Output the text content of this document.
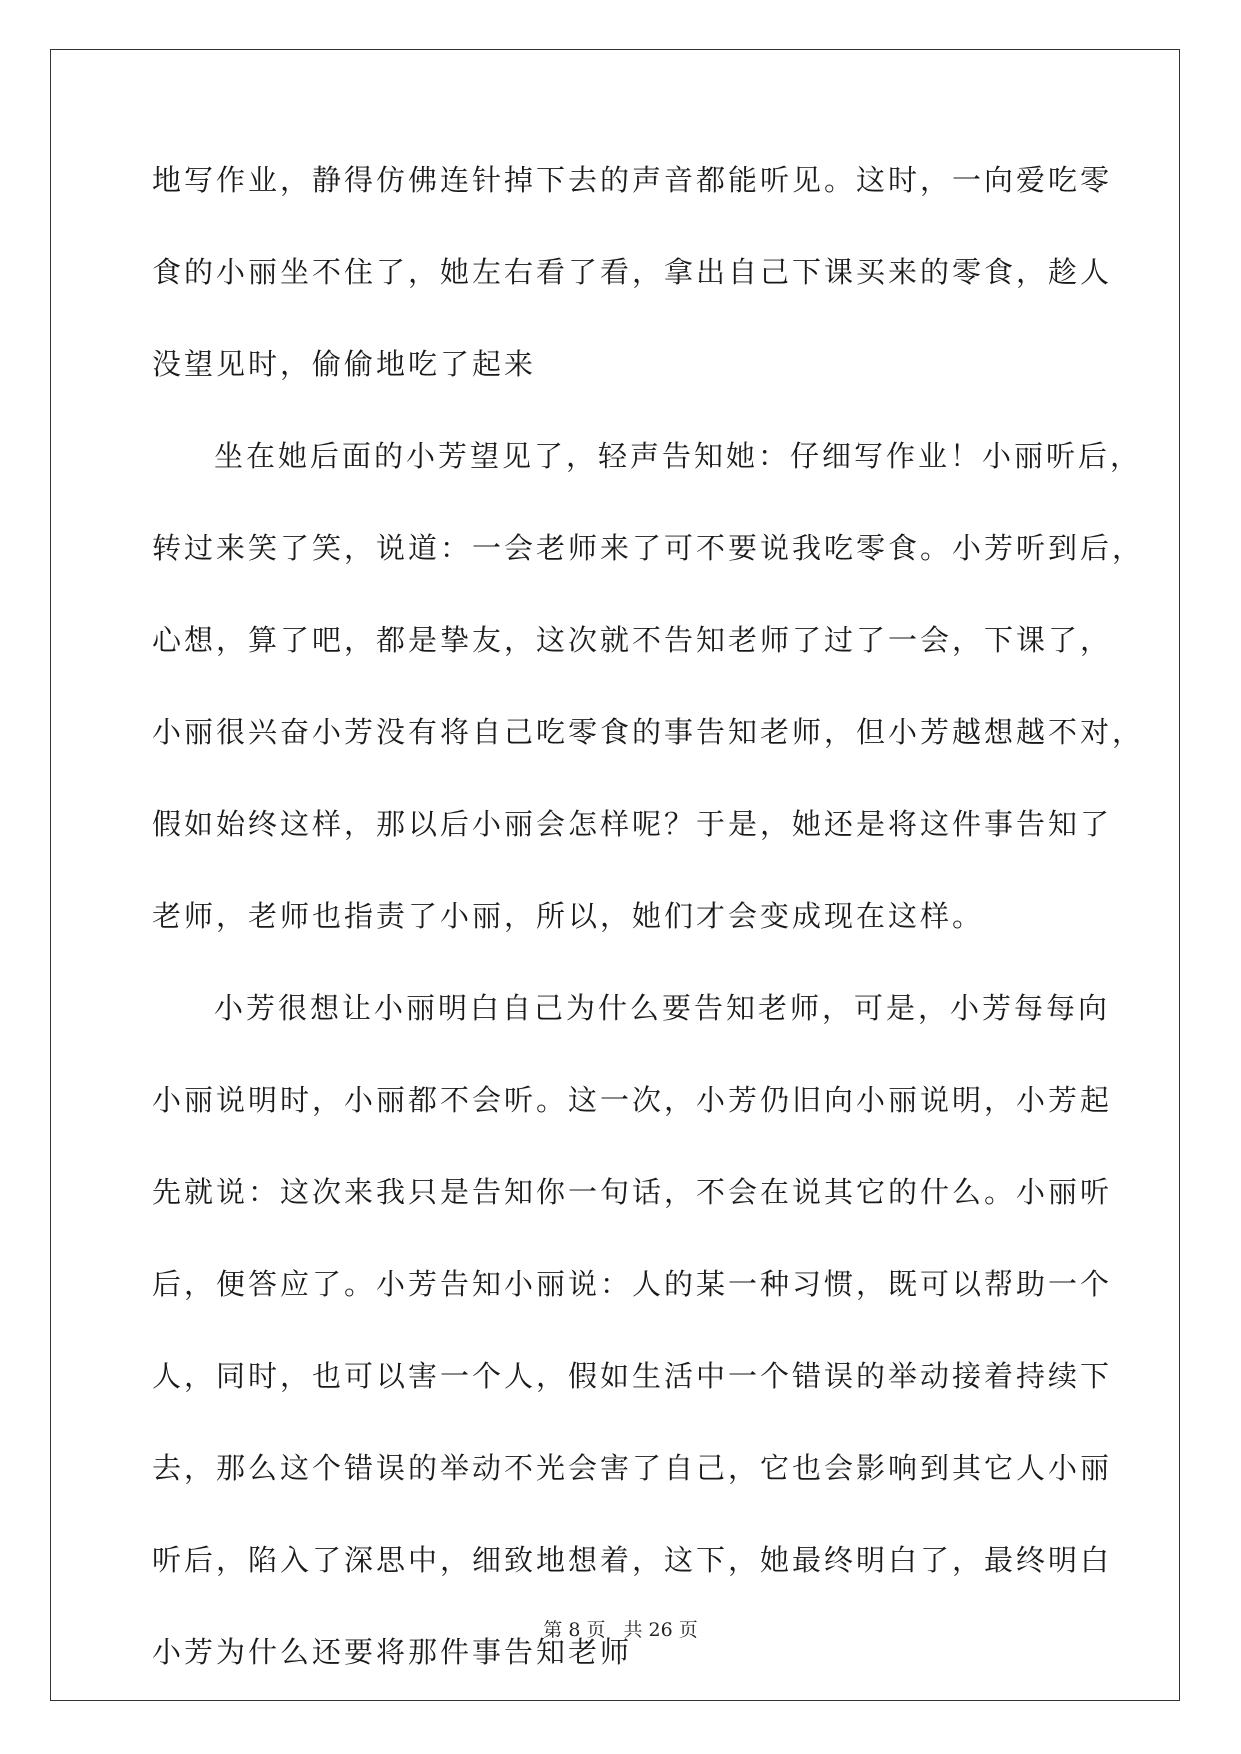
地写作业，静得仿佛连针掉下去的声音都能听见。这时，一向爱吃零
食的小丽坐不住了，她左右看了看，拿出自己下课买来的零食，趁人
没望见时，偷偷地吃了起来
坐在她后面的小芳望见了，轻声告知她：仔细写作业！小丽听后，
转过来笑了笑，说道：一会老师来了可不要说我吃零食。小芳听到后，
心想，算了吧，都是挚友，这次就不告知老师了过了一会，下课了，
小丽很兴奋小芳没有将自己吃零食的事告知老师，但小芳越想越不对，
假如始终这样，那以后小丽会怎样呢？于是，她还是将这件事告知了
老师，老师也指责了小丽，所以，她们才会变成现在这样。
小芳很想让小丽明白自己为什么要告知老师，可是，小芳每每向
小丽说明时，小丽都不会听。这一次，小芳仍旧向小丽说明，小芳起
先就说：这次来我只是告知你一句话，不会在说其它的什么。小丽听
后，便答应了。小芳告知小丽说：人的某一种习惯，既可以帮助一个
人，同时，也可以害一个人，假如生活中一个错误的举动接着持续下
去，那么这个错误的举动不光会害了自己，它也会影响到其它人小丽
听后，陷入了深思中，细致地想着，这下，她最终明白了，最终明白
小芳为什么还要将那件事告知老师
第 8 页 共 26 页
